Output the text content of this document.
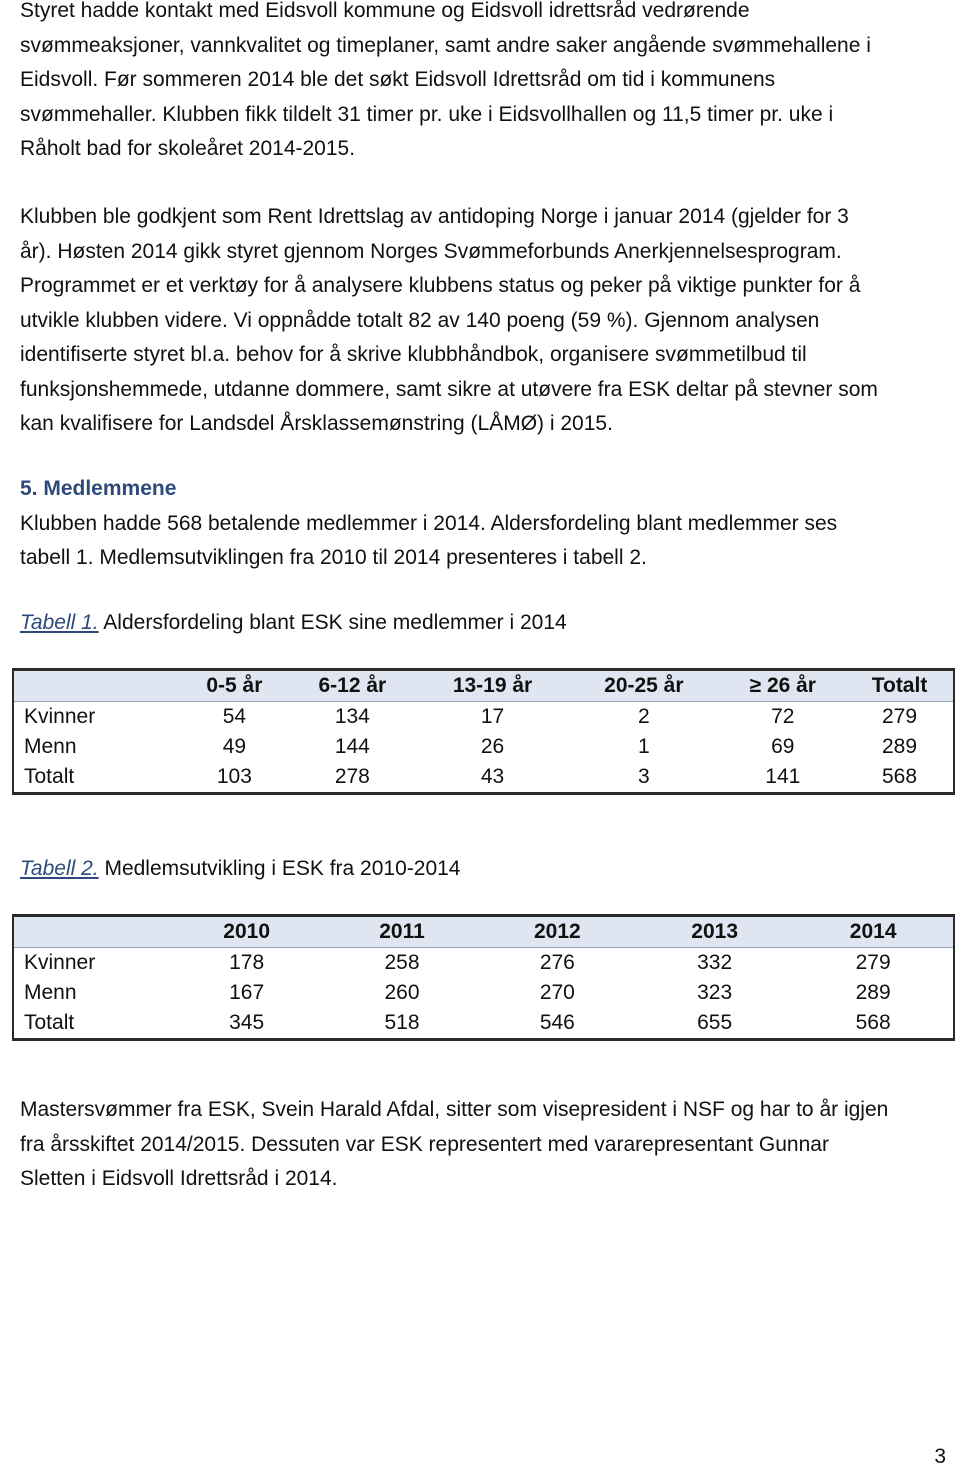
Styret hadde kontakt med Eidsvoll kommune og Eidsvoll idrettsråd vedrørende
svømmeaksjoner, vannkvalitet og timeplaner, samt andre saker angående svømmehallene i
Eidsvoll. Før sommeren 2014 ble det søkt Eidsvoll Idrettsråd om tid i kommunens
svømmehaller. Klubben fikk tildelt 31 timer pr. uke i Eidsvollhallen og 11,5 timer pr. uke i
Råholt bad for skoleåret 2014-2015.

Klubben ble godkjent som Rent Idrettslag av antidoping Norge i januar 2014 (gjelder for 3
år). Høsten 2014 gikk styret gjennom Norges Svømmeforbunds Anerkjennelsesprogram.
Programmet er et verktøy for å analysere klubbens status og peker på viktige punkter for å
utvikle klubben videre. Vi oppnådde totalt 82 av 140 poeng (59 %). Gjennom analysen
identifiserte styret bl.a. behov for å skrive klubbhåndbok, organisere svømmetilbud til
funksjonshemmede, utdanne dommere, samt sikre at utøvere fra ESK deltar på stevner som
kan kvalifisere for Landsdel Årsklassemønstring (LÅMØ) i 2015.

5. Medlemmene
Klubben hadde 568 betalende medlemmer i 2014. Aldersfordeling blant medlemmer ses
tabell 1. Medlemsutviklingen fra 2010 til 2014 presenteres i tabell 2.

Tabell 1. Aldersfordeling blant ESK sine medlemmer i 2014

	0-5 år	6-12 år	13-19 år	20-25 år	≥ 26 år	Totalt
Kvinner	54	134	17	2	72	279
Menn	49	144	26	1	69	289
Totalt	103	278	43	3	141	568

Tabell 2. Medlemsutvikling i ESK fra 2010-2014

	2010	2011	2012	2013	2014
Kvinner	178	258	276	332	279
Menn	167	260	270	323	289
Totalt	345	518	546	655	568

Mastersvømmer fra ESK, Svein Harald Afdal, sitter som visepresident i NSF og har to år igjen
fra årsskiftet 2014/2015. Dessuten var ESK representert med vararepresentant Gunnar
Sletten i Eidsvoll Idrettsråd i 2014.

3
